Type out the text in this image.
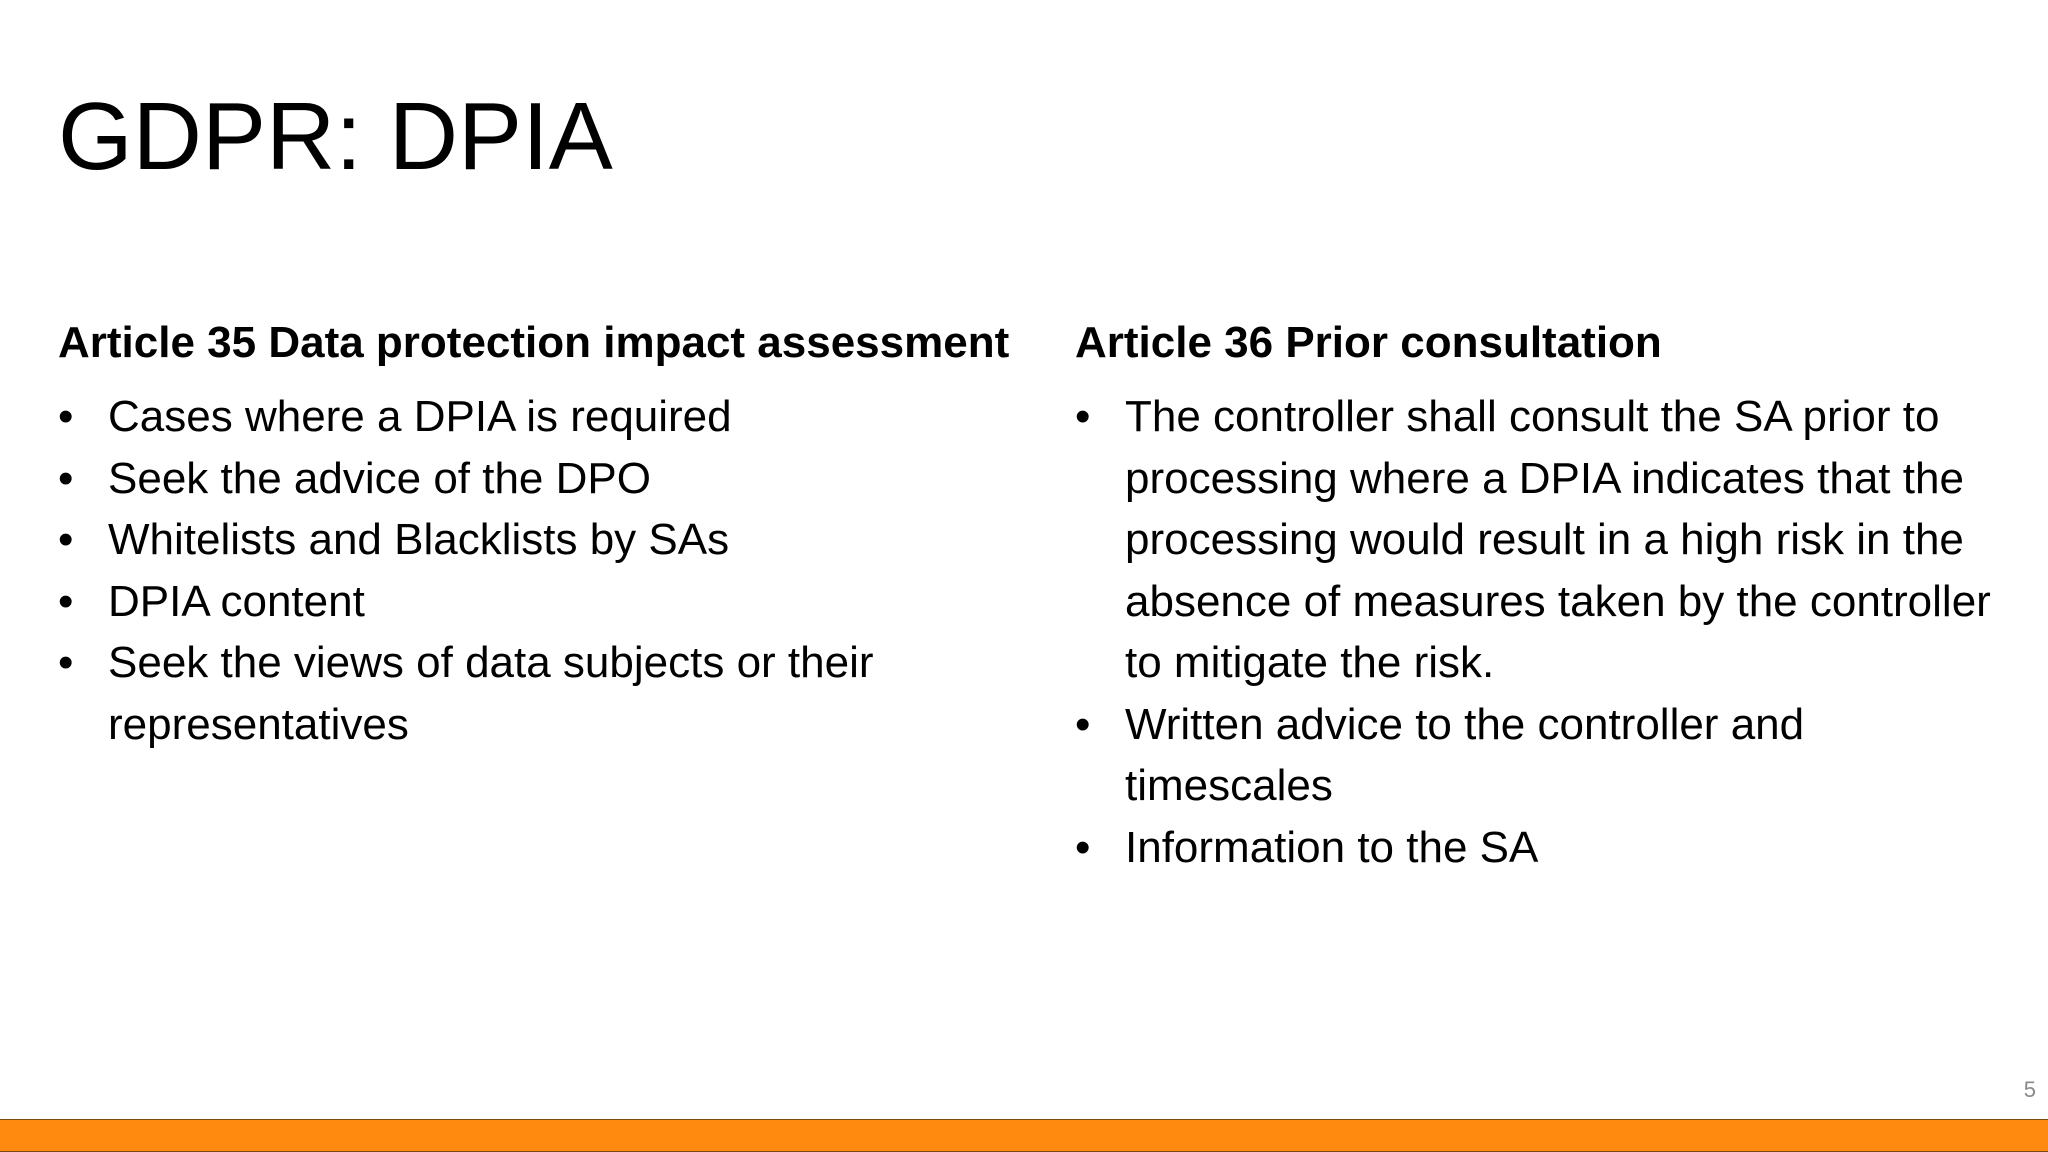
GDPR: DPIA
Article 35 Data protection impact assessment
• Cases where a DPIA is required
• Seek the advice of the DPO
• Whitelists and Blacklists by SAs
• DPIA content
• Seek the views of data subjects or their representatives
Article 36 Prior consultation
• The controller shall consult the SA prior to processing where a DPIA indicates that the processing would result in a high risk in the absence of measures taken by the controller to mitigate the risk.
• Written advice to the controller and timescales
• Information to the SA
5
